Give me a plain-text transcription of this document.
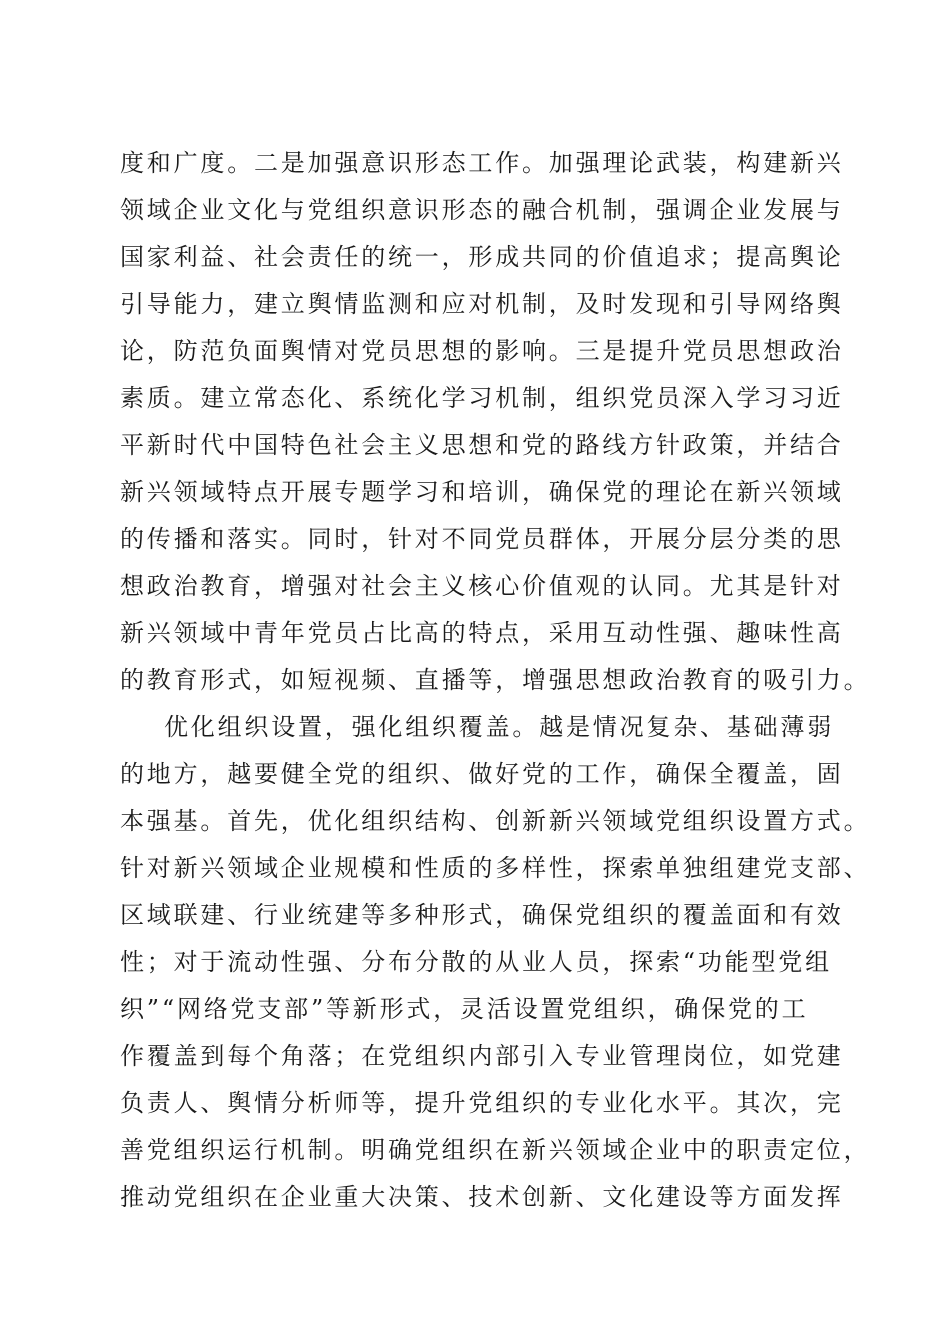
度和广度。二是加强意识形态工作。加强理论武装，构建新兴
领域企业文化与党组织意识形态的融合机制，强调企业发展与
国家利益、社会责任的统一，形成共同的价值追求；提高舆论
引导能力，建立舆情监测和应对机制，及时发现和引导网络舆
论，防范负面舆情对党员思想的影响。三是提升党员思想政治
素质。建立常态化、系统化学习机制，组织党员深入学习习近
平新时代中国特色社会主义思想和党的路线方针政策，并结合
新兴领域特点开展专题学习和培训，确保党的理论在新兴领域
的传播和落实。同时，针对不同党员群体，开展分层分类的思
想政治教育，增强对社会主义核心价值观的认同。尤其是针对
新兴领域中青年党员占比高的特点，采用互动性强、趣味性高
的教育形式，如短视频、直播等，增强思想政治教育的吸引力。
优化组织设置，强化组织覆盖。越是情况复杂、基础薄弱
的地方，越要健全党的组织、做好党的工作，确保全覆盖，固
本强基。首先，优化组织结构、创新新兴领域党组织设置方式。
针对新兴领域企业规模和性质的多样性，探索单独组建党支部、
区域联建、行业统建等多种形式，确保党组织的覆盖面和有效
性；对于流动性强、分布分散的从业人员，探索“功能型党组
织”“网络党支部”等新形式，灵活设置党组织，确保党的工
作覆盖到每个角落；在党组织内部引入专业管理岗位，如党建
负责人、舆情分析师等，提升党组织的专业化水平。其次，完
善党组织运行机制。明确党组织在新兴领域企业中的职责定位，
推动党组织在企业重大决策、技术创新、文化建设等方面发挥
